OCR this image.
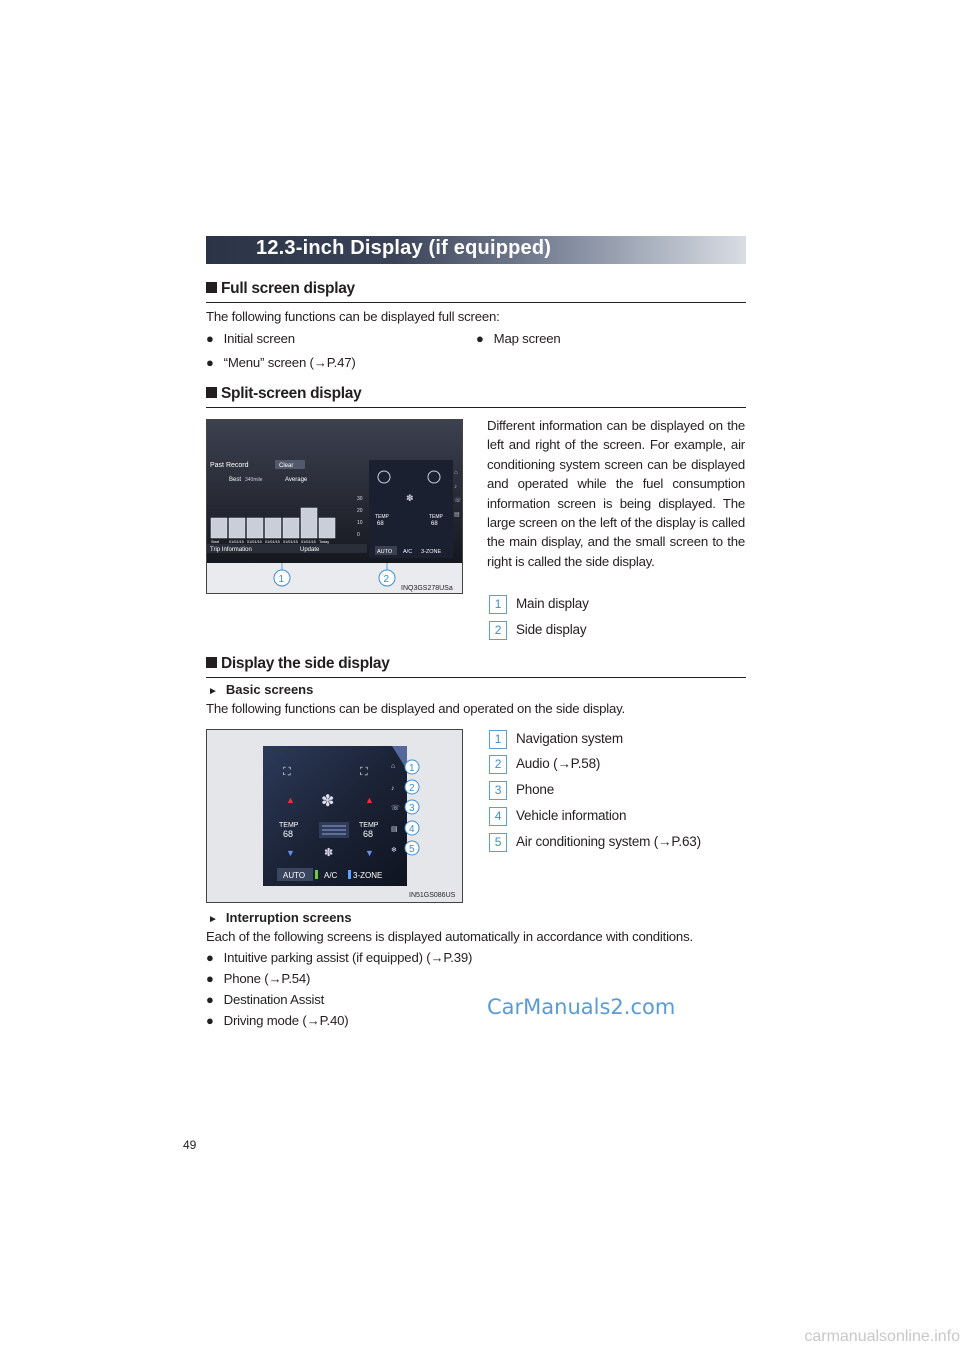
12.3-inch Display (if equipped)
Full screen display
The following functions can be displayed full screen:
● Initial screen
●	Map screen
● “Menu” screen (→P.47)
Split-screen display
Past Record	Clear
Best 340mile	Average
30
20
10
0
Start	01/01/15 01/01/15 01/01/15 01/01/15 01/01/15 Today
Trip Information	Update
✽
TEMP
68
TEMP
68
AUTO A/C 3-ZONE
⌂
♪
☏
▤
1	2
INQ3GS278USa
Different information can be displayed on the left and right of the screen. For example, air conditioning system screen can be displayed and operated while the fuel consumption information screen is being displayed. The large screen on the left of the display is called the main display, and the small screen to the right is called the side display.
1 Main display
2 Side display
Display the side display
► Basic screens
The following functions can be displayed and operated on the side display.
⛶	⛶
▲	▲
✽
TEMP
68
TEMP
68
▼	▼
✽
AUTO A/C 3-ZONE
⌂
♪
☏
▤
❄
1
2
3
4
5
IN51GS086US
1 Navigation system
2 Audio (→P.58)
3 Phone
4 Vehicle information
5 Air conditioning system (→P.63)
► Interruption screens
Each of the following screens is displayed automatically in accordance with conditions.
● Intuitive parking assist (if equipped) (→P.39)
● Phone (→P.54)
● Destination Assist
● Driving mode (→P.40)
CarManuals2.com
49
carmanualsonline.info
